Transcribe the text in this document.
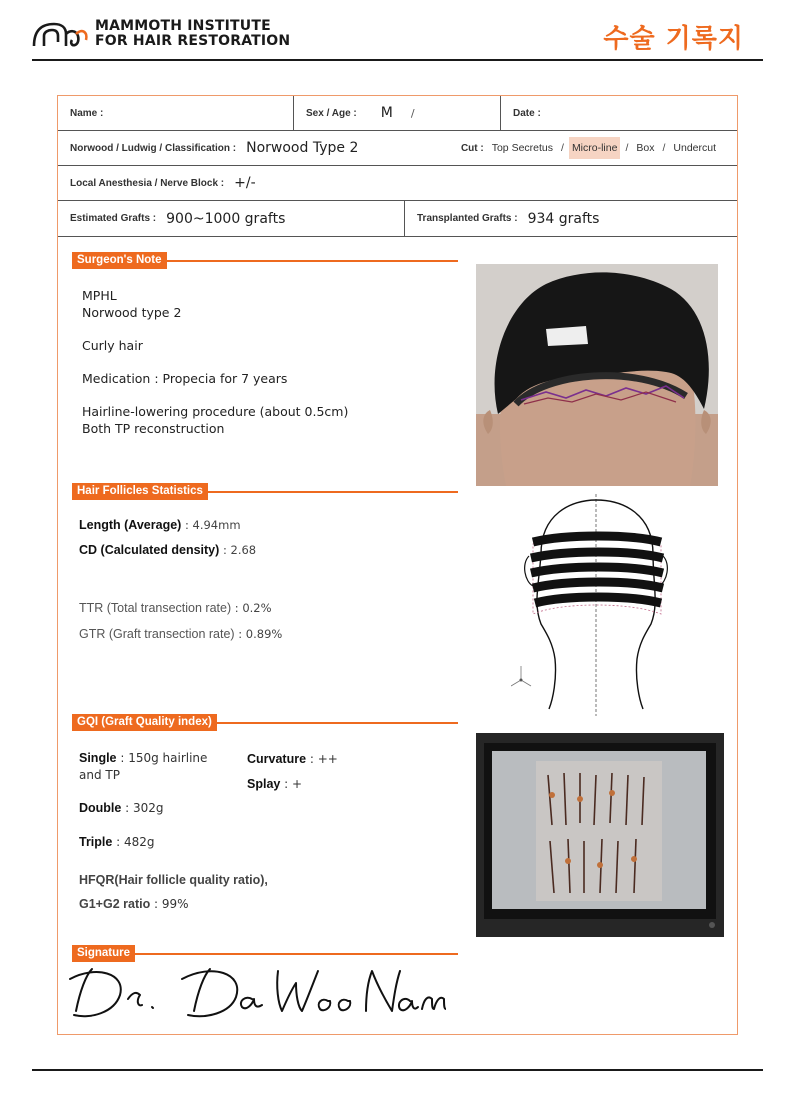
MAMMOTH INSTITUTE
FOR HAIR RESTORATION	수술 기록지
Name :	Sex / Age : M /	Date :
Norwood / Ludwig / Classification : Norwood Type 2	Cut : Top Secretus / Micro-line / Box / Undercut
Local Anesthesia / Nerve Block : +/-
Estimated Grafts : 900~1000 grafts	Transplanted Grafts : 934 grafts
Surgeon's Note
MPHL
Norwood type 2
Curly hair
Medication : Propecia for 7 years
Hairline-lowering procedure (about 0.5cm)
Both TP reconstruction
Hair Follicles Statistics
Length (Average) : 4.94mm
CD (Calculated density) : 2.68
TTR (Total transection rate) : 0.2%
GTR (Graft transection rate) : 0.89%
GQI (Graft Quality index)
Single : 150g hairline
and TP
Double : 302g
Triple : 482g
Curvature : ++
Splay : +
HFQR(Hair follicle quality ratio),
G1+G2 ratio : 99%
Signature
